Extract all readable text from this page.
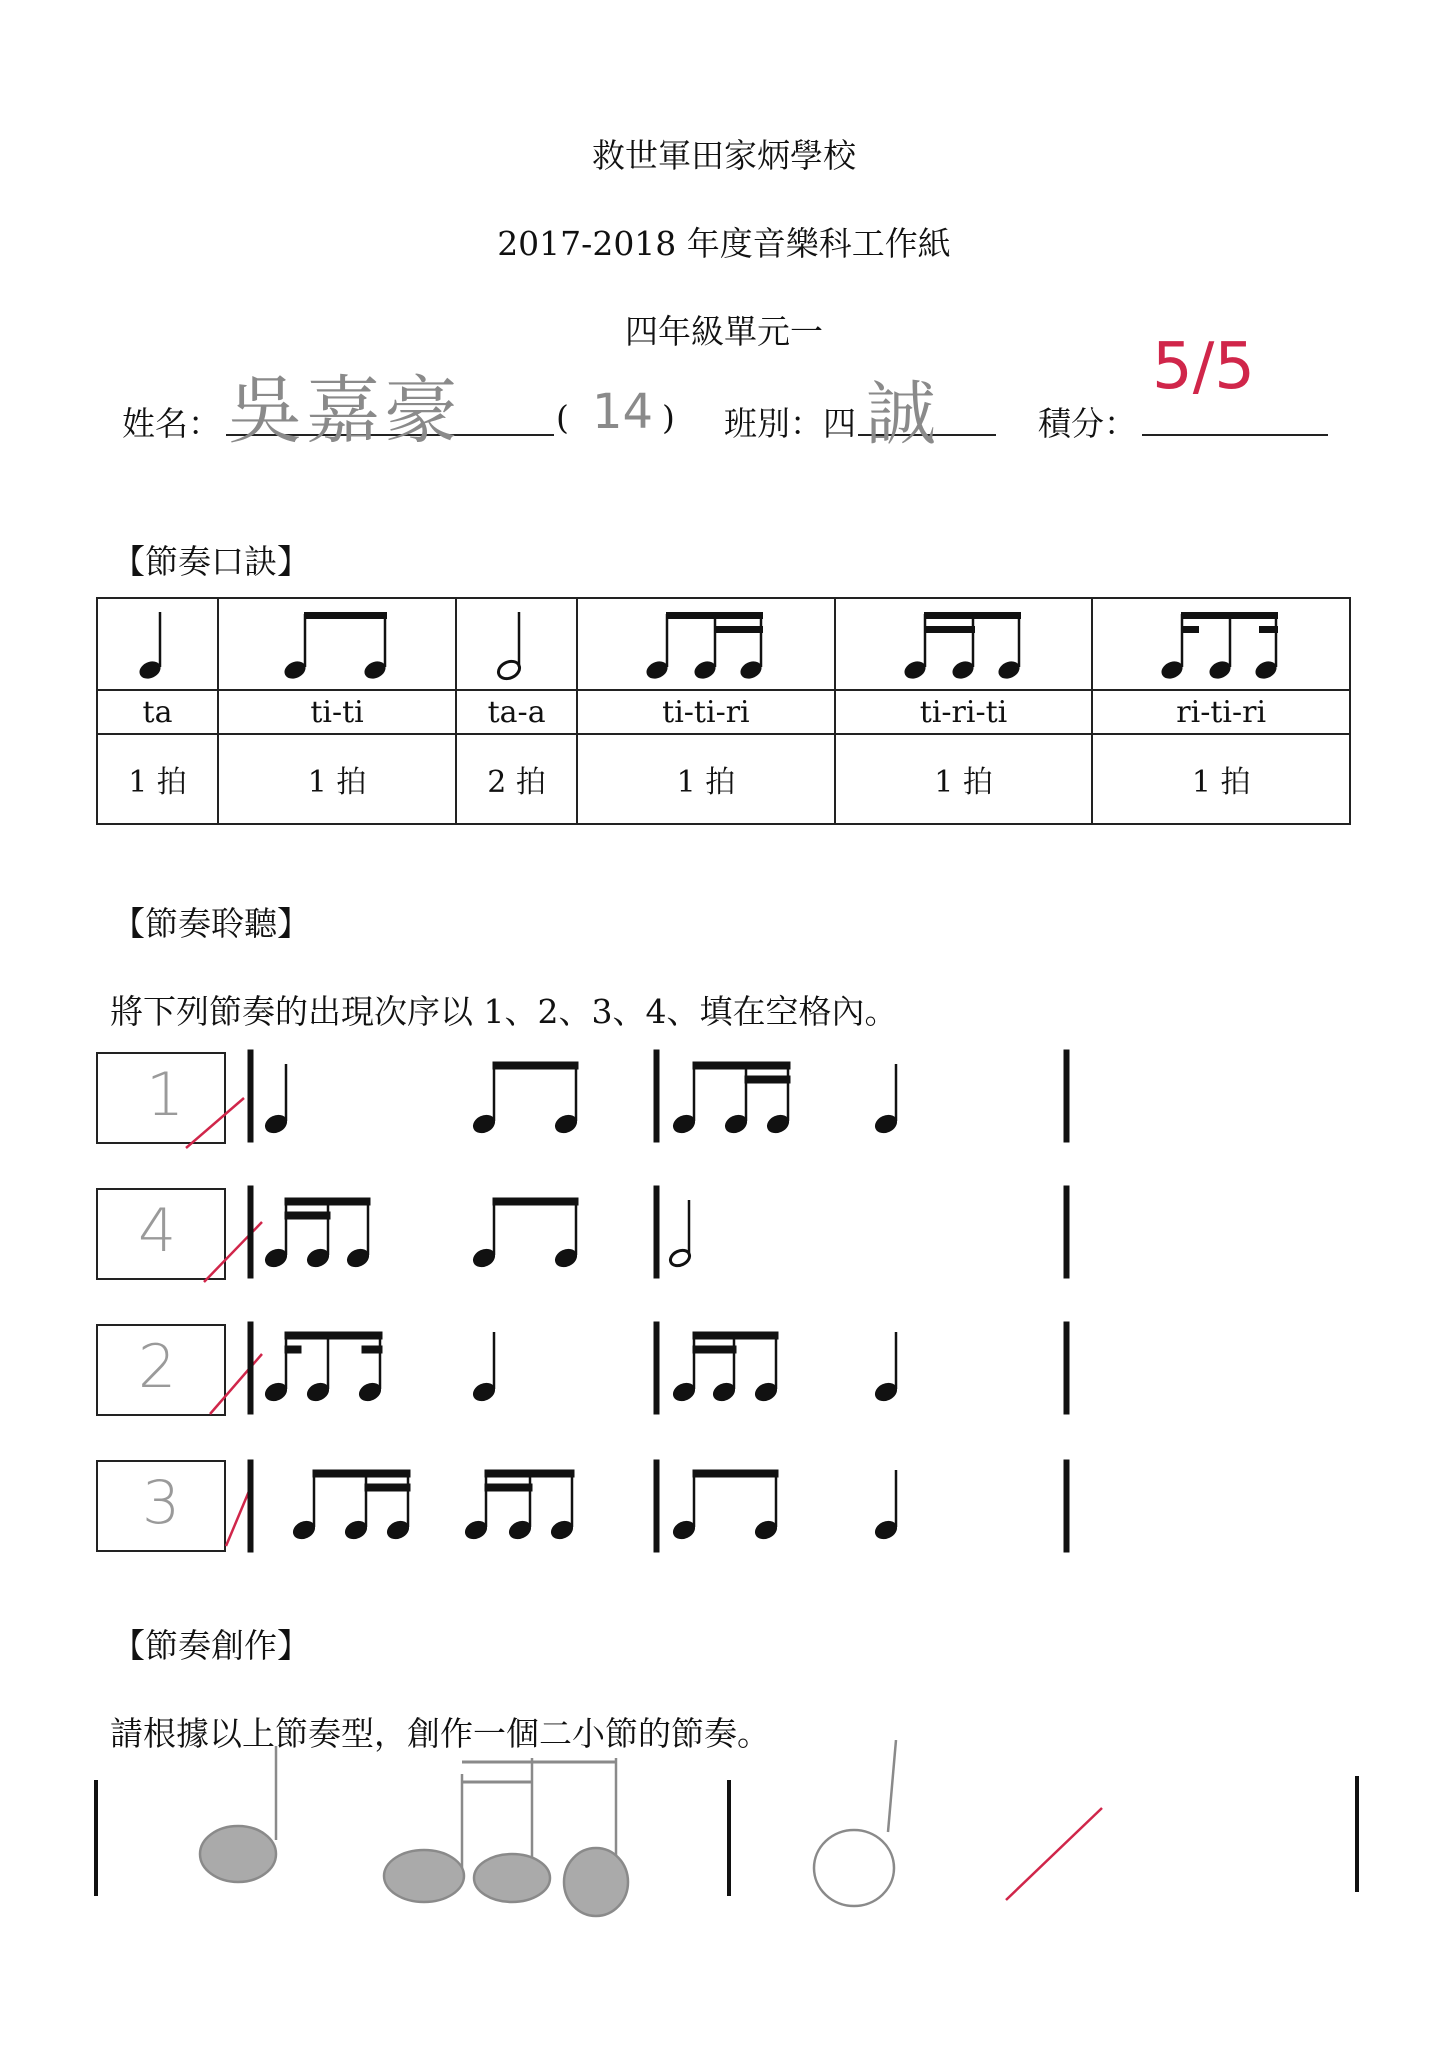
救世軍田家炳學校
2017-2018 年度音樂科工作紙
四年級單元一
姓名： 吳嘉豪	( 14 ) 班別：四 誠	積分：
5/5
【節奏口訣】

ta	ti-ti	ta-a	ti-ti-ri	ti-ri-ti	ri-ti-ri
1 拍	1 拍	2 拍	1 拍	1 拍	1 拍
【節奏聆聽】
將下列節奏的出現次序以 1、2、3、4、填在空格內。
1
4
2
3
【節奏創作】
請根據以上節奏型，創作一個二小節的節奏。
